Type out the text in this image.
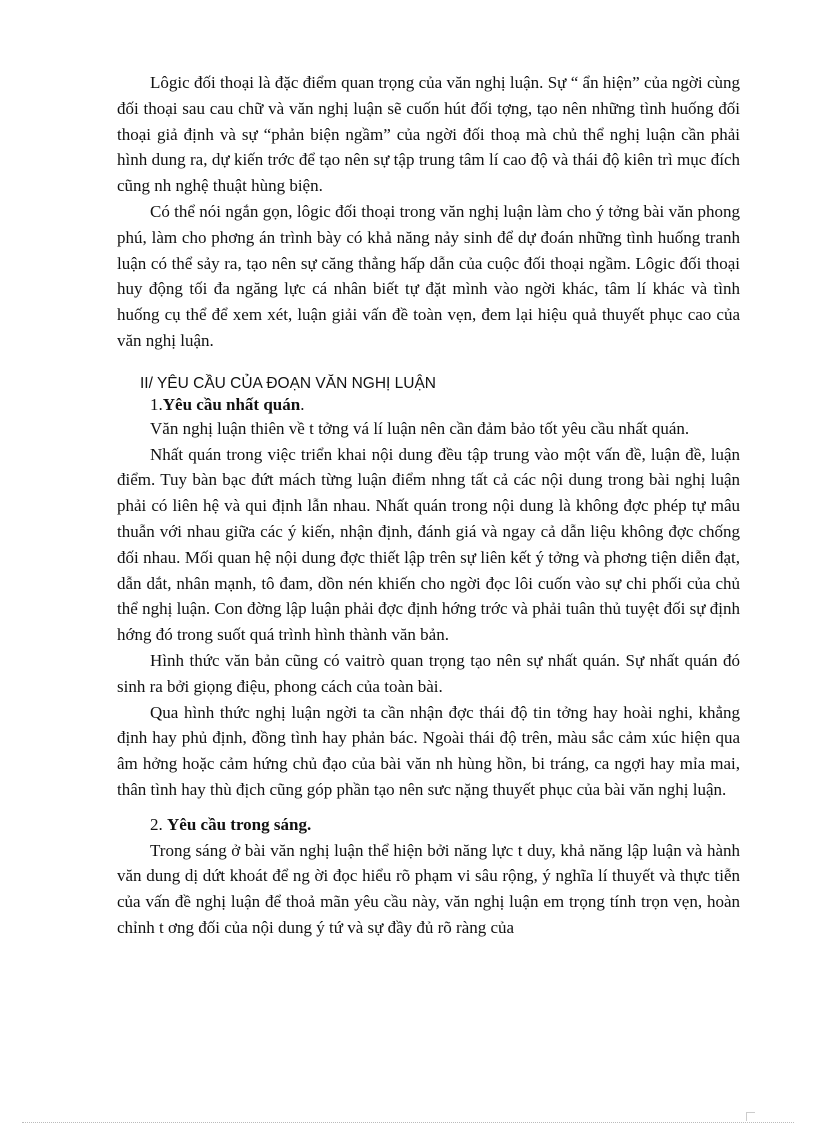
Lôgic đối thoại là đặc điểm quan trọng của văn nghị luận. Sự “ ẩn hiện” của ngời cùng đối thoại sau cau chữ và văn nghị luận sẽ cuốn hút đối tợng, tạo nên những tình huống đối thoại giả định và sự “phản biện ngầm” của ngời đối thoạ mà chủ thể nghị luận cần phải hình dung ra, dự kiến trớc để tạo nên sự tập trung tâm lí cao độ và thái độ kiên trì mục đích cũng nh nghệ thuật hùng biện.

Có thể nói ngắn gọn, lôgic đối thoại trong văn nghị luận làm cho ý tởng bài văn phong phú, làm cho phơng án trình bày có khả năng nảy sinh để dự đoán những tình huống tranh luận có thể sảy ra, tạo nên sự căng thẳng hấp dẫn của cuộc đối thoại ngầm. Lôgic đối thoại huy động tối đa ngăng lực cá nhân biết tự đặt mình vào ngời khác, tâm lí khác và tình huống cụ thể để xem xét, luận giải vấn đề toàn vẹn, đem lại hiệu quả thuyết phục cao của văn nghị luận.

II/ YÊU CẦU CỦA ĐOẠN VĂN NGHỊ LUẬN

1.Yêu cầu nhất quán.

Văn nghị luận thiên về t tởng vá lí luận nên cần đảm bảo tốt yêu cầu nhất quán.

Nhất quán trong việc triển khai nội dung đều tập trung vào một vấn đề, luận đề, luận điểm. Tuy bàn bạc đứt mách từng luận điểm nhng tất cả các nội dung trong bài nghị luận phải có liên hệ và qui định lẫn nhau. Nhất quán trong nội dung là không đợc phép tự mâu thuẫn với nhau giữa các ý kiến, nhận định, đánh giá và ngay cả dẫn liệu không đợc chống đối nhau. Mối quan hệ nội dung đợc thiết lập trên sự liên kết ý tởng và phơng tiện diễn đạt, dẫn dắt, nhân mạnh, tô đam, dồn nén khiến cho ngời đọc lôi cuốn vào sự chi phối của chủ thể nghị luận. Con đờng lập luận phải đợc định hớng trớc và phải tuân thủ tuyệt đối sự định hớng đó trong suốt quá trình hình thành văn bản.

Hình thức văn bản cũng có vaitrò quan trọng tạo nên sự nhất quán. Sự nhất quán đó sinh ra bởi giọng điệu, phong cách của toàn bài.

Qua hình thức nghị luận ngời ta cần nhận đợc thái độ tin tởng hay hoài nghi, khẳng định hay phủ định, đồng tình hay phản bác. Ngoài thái độ trên, màu sắc cảm xúc hiện qua âm hởng hoặc cảm hứng chủ đạo của bài văn nh hùng hồn, bi tráng, ca ngợi hay mỉa mai, thân tình hay thù địch cũng góp phần tạo nên sưc nặng thuyết phục của bài văn nghị luận.

2. Yêu cầu trong sáng.

Trong sáng ở bài văn nghị luận thể hiện bởi năng lực t duy, khả năng lập luận và hành văn dung dị dứt khoát để ng ời đọc hiểu rõ phạm vi sâu rộng, ý nghĩa lí thuyết và thực tiễn của vấn đề nghị luận để thoả mãn yêu cầu này, văn nghị luận em trọng tính trọn vẹn, hoàn chỉnh t ơng đối của nội dung ý tứ và sự đầy đủ rõ ràng của
